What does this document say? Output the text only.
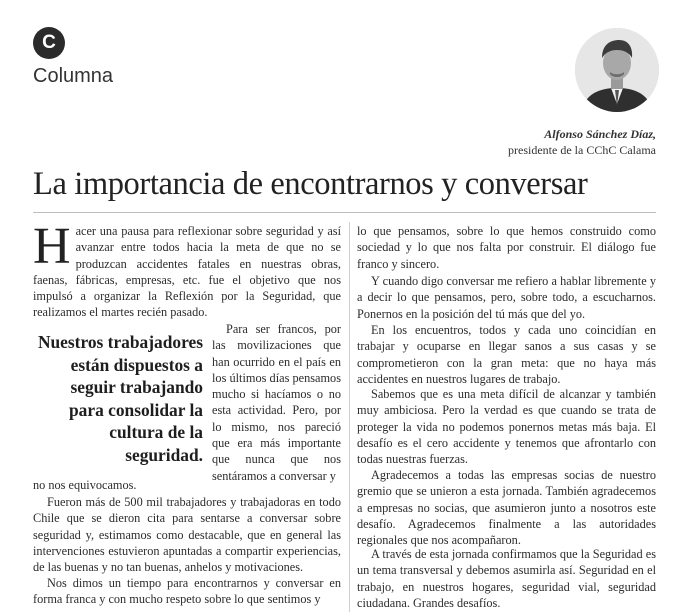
C
Columna
Alfonso Sánchez Díaz,
presidente de la CChC Calama
La importancia de encontrarnos y conversar

Hacer una pausa para reflexionar sobre seguridad y así avanzar entre todos hacia la meta de que no se produzcan accidentes fatales en nuestras obras, faenas, fábricas, empresas, etc. fue el objetivo que nos impulsó a organizar la Reflexión por la Seguridad, que realizamos el martes recién pasado.

Nuestros trabajadores están dispuestos a seguir trabajando para consolidar la cultura de la seguridad.

Para ser francos, por las movilizaciones que han ocurrido en el país en los últimos días pensamos mucho si hacíamos o no esta actividad. Pero, por lo mismo, nos pareció que era más importante que nunca que nos sentáramos a conversar y

no nos equivocamos.

Fueron más de 500 mil trabajadores y trabajadoras en todo Chile que se dieron cita para sentarse a conversar sobre seguridad y, estimamos como destacable, que en general las intervenciones estuvieron apuntadas a compartir experiencias, de las buenas y no tan buenas, anhelos y motivaciones.

Nos dimos un tiempo para encontrarnos y conversar en forma franca y con mucho respeto sobre lo que sentimos y

lo que pensamos, sobre lo que hemos construido como sociedad y lo que nos falta por construir. El diálogo fue franco y sincero.

Y cuando digo conversar me refiero a hablar libremente y a decir lo que pensamos, pero, sobre todo, a escucharnos. Ponernos en la posición del tú más que del yo.

En los encuentros, todos y cada uno coincidían en trabajar y ocuparse en llegar sanos a sus casas y se comprometieron con la gran meta: que no haya más accidentes en nuestros lugares de trabajo.

Sabemos que es una meta difícil de alcanzar y también muy ambiciosa. Pero la verdad es que cuando se trata de proteger la vida no podemos ponernos metas más baja. El desafío es el cero accidente y tenemos que afrontarlo con todas nuestras fuerzas.

Agradecemos a todas las empresas socias de nuestro gremio que se unieron a esta jornada. También agradecemos a empresas no socias, que asumieron junto a nosotros este desafío. Agradecemos finalmente a las autoridades regionales que nos acompañaron.

A través de esta jornada confirmamos que la Seguridad es un tema transversal y debemos asumirla así. Seguridad en el trabajo, en nuestros hogares, seguridad vial, seguridad ciudadana. Grandes desafíos.
